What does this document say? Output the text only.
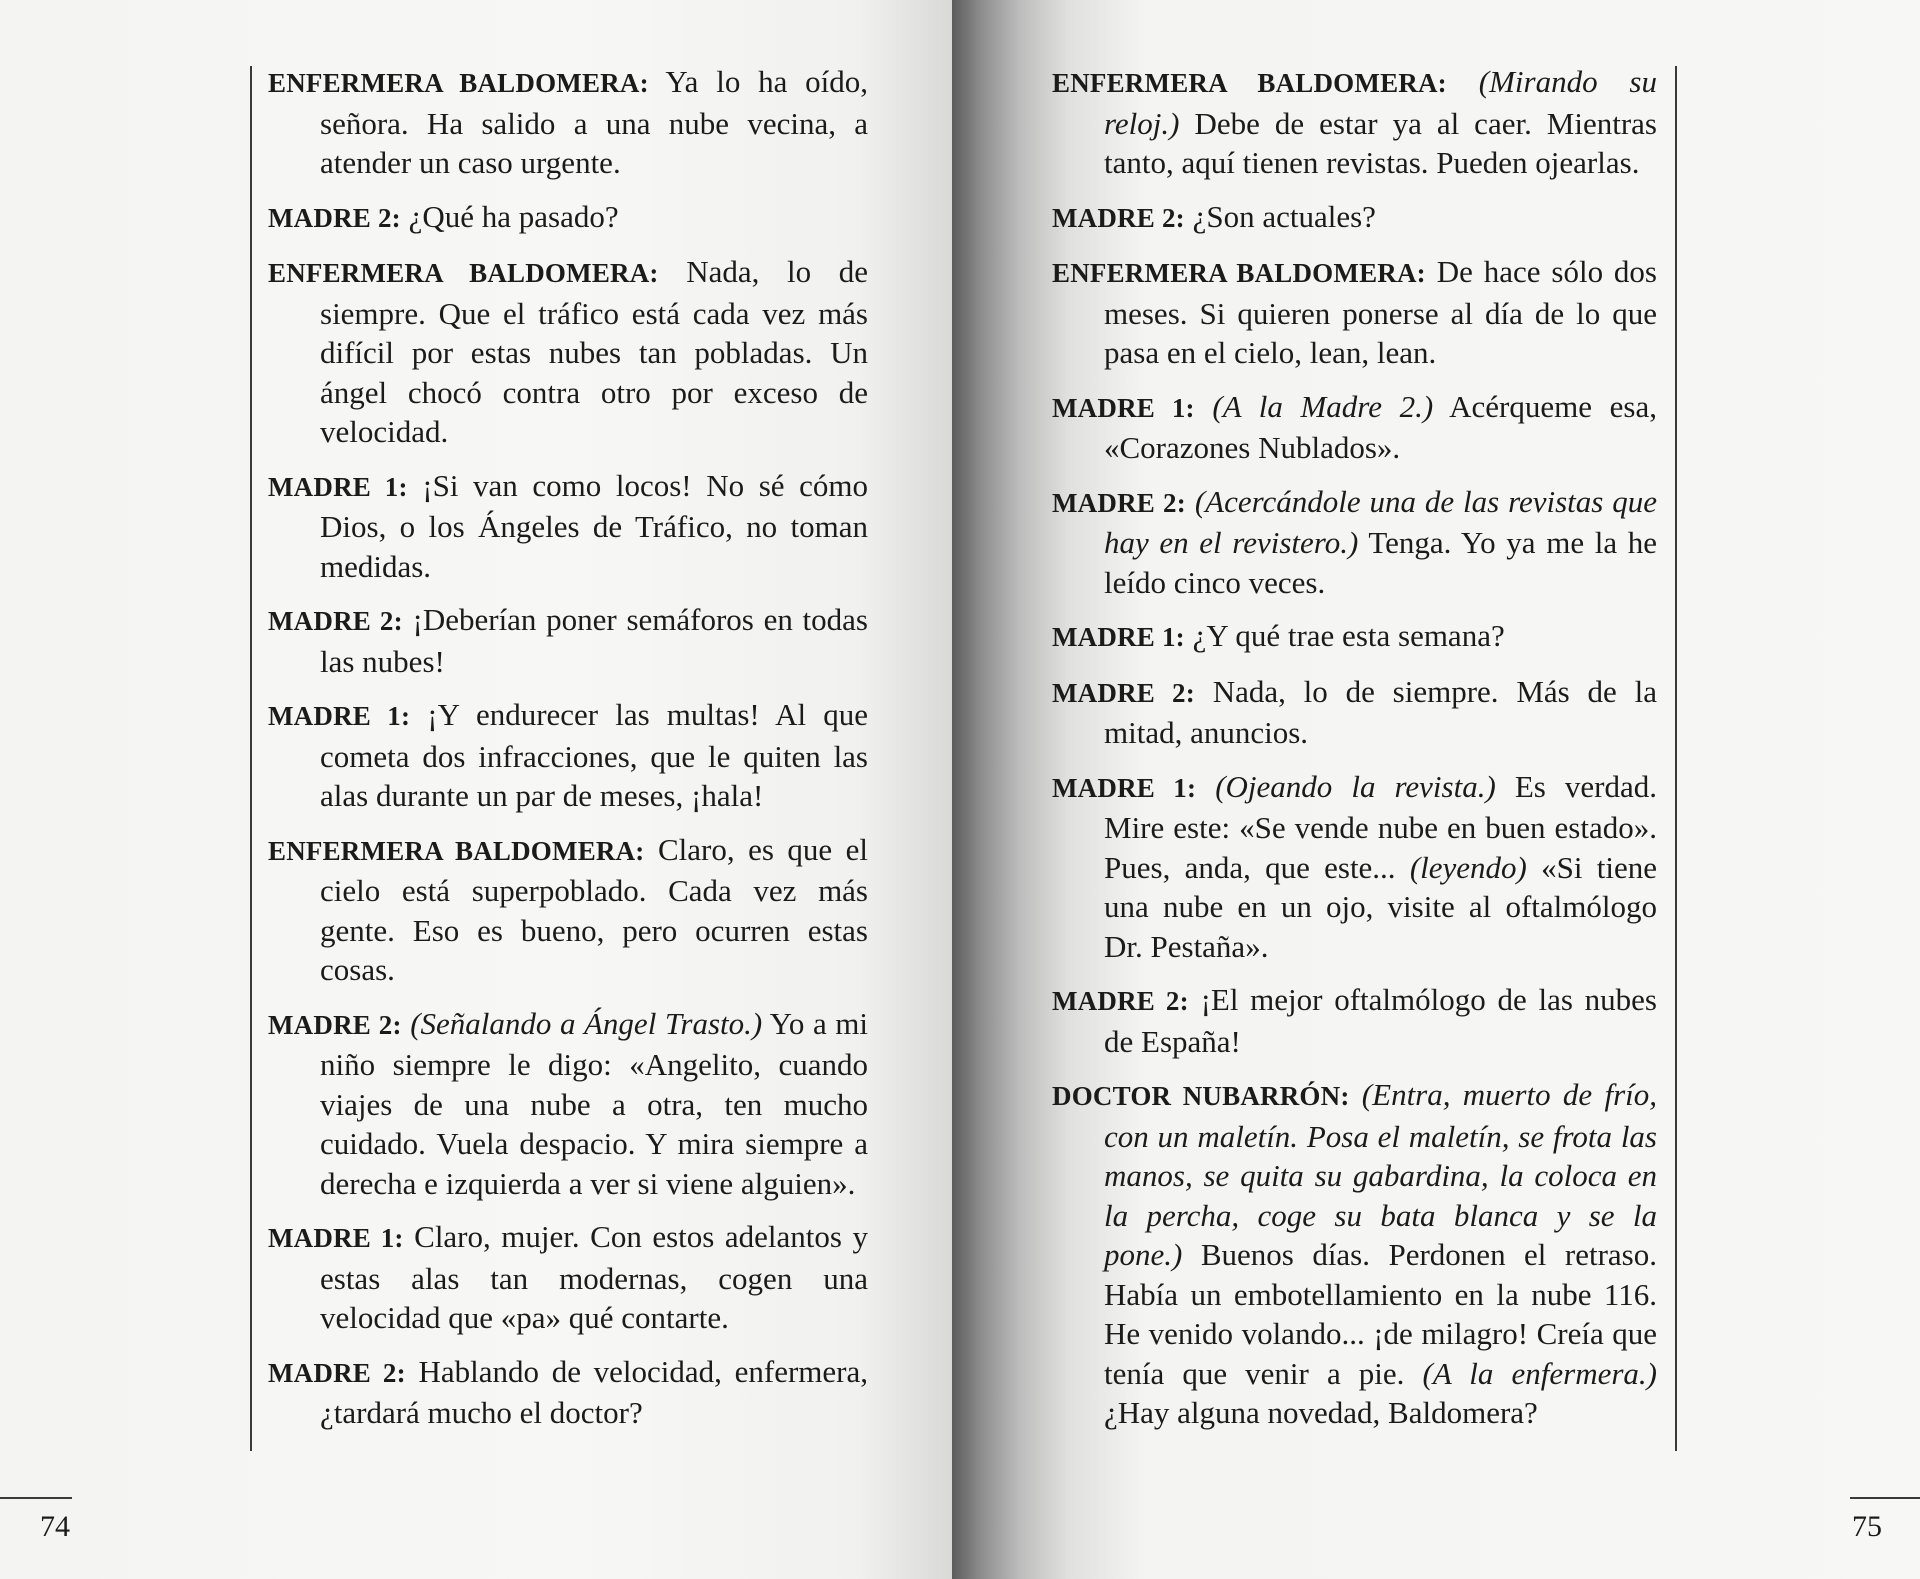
ENFERMERA BALDOMERA: Ya lo ha oído, señora. Ha salido a una nube vecina, a atender un caso urgente.

MADRE 2: ¿Qué ha pasado?

ENFERMERA BALDOMERA: Nada, lo de siempre. Que el tráfico está cada vez más difícil por estas nubes tan pobladas. Un ángel chocó contra otro por exceso de velocidad.

MADRE 1: ¡Si van como locos! No sé cómo Dios, o los Ángeles de Tráfico, no toman medidas.

MADRE 2: ¡Deberían poner semáforos en todas las nubes!

MADRE 1: ¡Y endurecer las multas! Al que cometa dos infracciones, que le quiten las alas durante un par de meses, ¡hala!

ENFERMERA BALDOMERA: Claro, es que el cielo está superpoblado. Cada vez más gente. Eso es bueno, pero ocurren estas cosas.

MADRE 2: (Señalando a Ángel Trasto.) Yo a mi niño siempre le digo: «Angelito, cuando viajes de una nube a otra, ten mucho cuidado. Vuela despacio. Y mira siempre a derecha e izquierda a ver si viene alguien».

MADRE 1: Claro, mujer. Con estos adelantos y estas alas tan modernas, cogen una velocidad que «pa» qué contarte.

MADRE 2: Hablando de velocidad, enfermera, ¿tardará mucho el doctor?

74

ENFERMERA BALDOMERA: (Mirando su reloj.) Debe de estar ya al caer. Mientras tanto, aquí tienen revistas. Pueden ojearlas.

MADRE 2: ¿Son actuales?

ENFERMERA BALDOMERA: De hace sólo dos meses. Si quieren ponerse al día de lo que pasa en el cielo, lean, lean.

MADRE 1: (A la Madre 2.) Acérqueme esa, «Corazones Nublados».

MADRE 2: (Acercándole una de las revistas que hay en el revistero.) Tenga. Yo ya me la he leído cinco veces.

MADRE 1: ¿Y qué trae esta semana?

MADRE 2: Nada, lo de siempre. Más de la mitad, anuncios.

MADRE 1: (Ojeando la revista.) Es verdad. Mire este: «Se vende nube en buen estado». Pues, anda, que este... (leyendo) «Si tiene una nube en un ojo, visite al oftalmólogo Dr. Pestaña».

MADRE 2: ¡El mejor oftalmólogo de las nubes de España!

DOCTOR NUBARRÓN: (Entra, muerto de frío, con un maletín. Posa el maletín, se frota las manos, se quita su gabardina, la coloca en la percha, coge su bata blanca y se la pone.) Buenos días. Perdonen el retraso. Había un embotellamiento en la nube 116. He venido volando... ¡de milagro! Creía que tenía que venir a pie. (A la enfermera.) ¿Hay alguna novedad, Baldomera?

75
